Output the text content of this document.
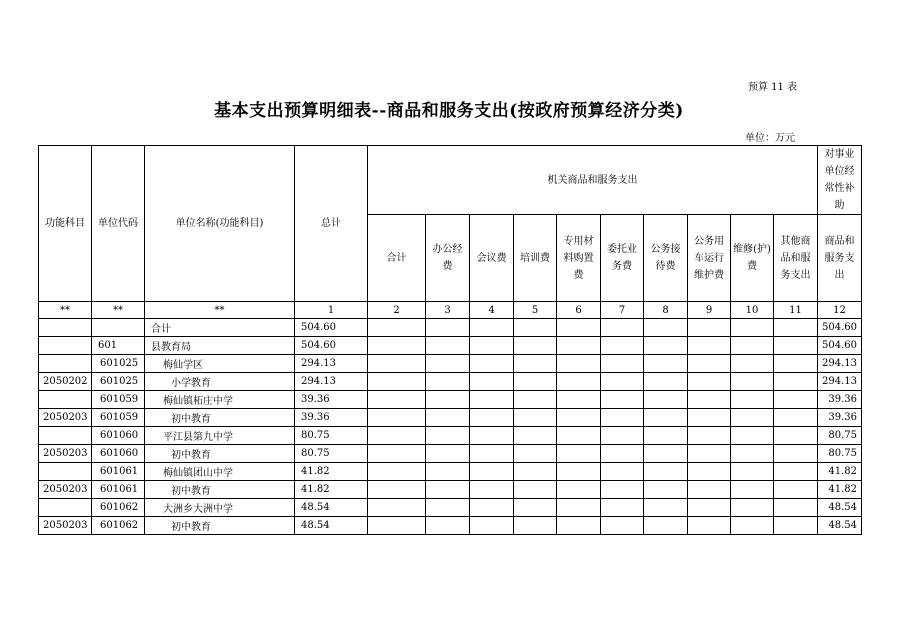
预算 11 表
基本支出预算明细表--商品和服务支出(按政府预算经济分类)
单位：万元
功能科目	单位代码	单位名称(功能科目)	总计	机关商品和服务支出										对事业单位经常性补助
				合计	办公经费	会议费	培训费	专用材料购置费	委托业务费	公务接待费	公务用车运行维护费	维修(护)费	其他商品和服务支出	商品和服务支出
**	**	**	1	2	3	4	5	6	7	8	9	10	11	12
		合计	504.60											504.60
	601	县教育局	504.60											504.60
	601025	梅仙学区	294.13											294.13
2050202	601025	小学教育	294.13											294.13
	601059	梅仙镇柘庄中学	39.36											39.36
2050203	601059	初中教育	39.36											39.36
	601060	平江县第九中学	80.75											80.75
2050203	601060	初中教育	80.75											80.75
	601061	梅仙镇团山中学	41.82											41.82
2050203	601061	初中教育	41.82											41.82
	601062	大洲乡大洲中学	48.54											48.54
2050203	601062	初中教育	48.54											48.54
